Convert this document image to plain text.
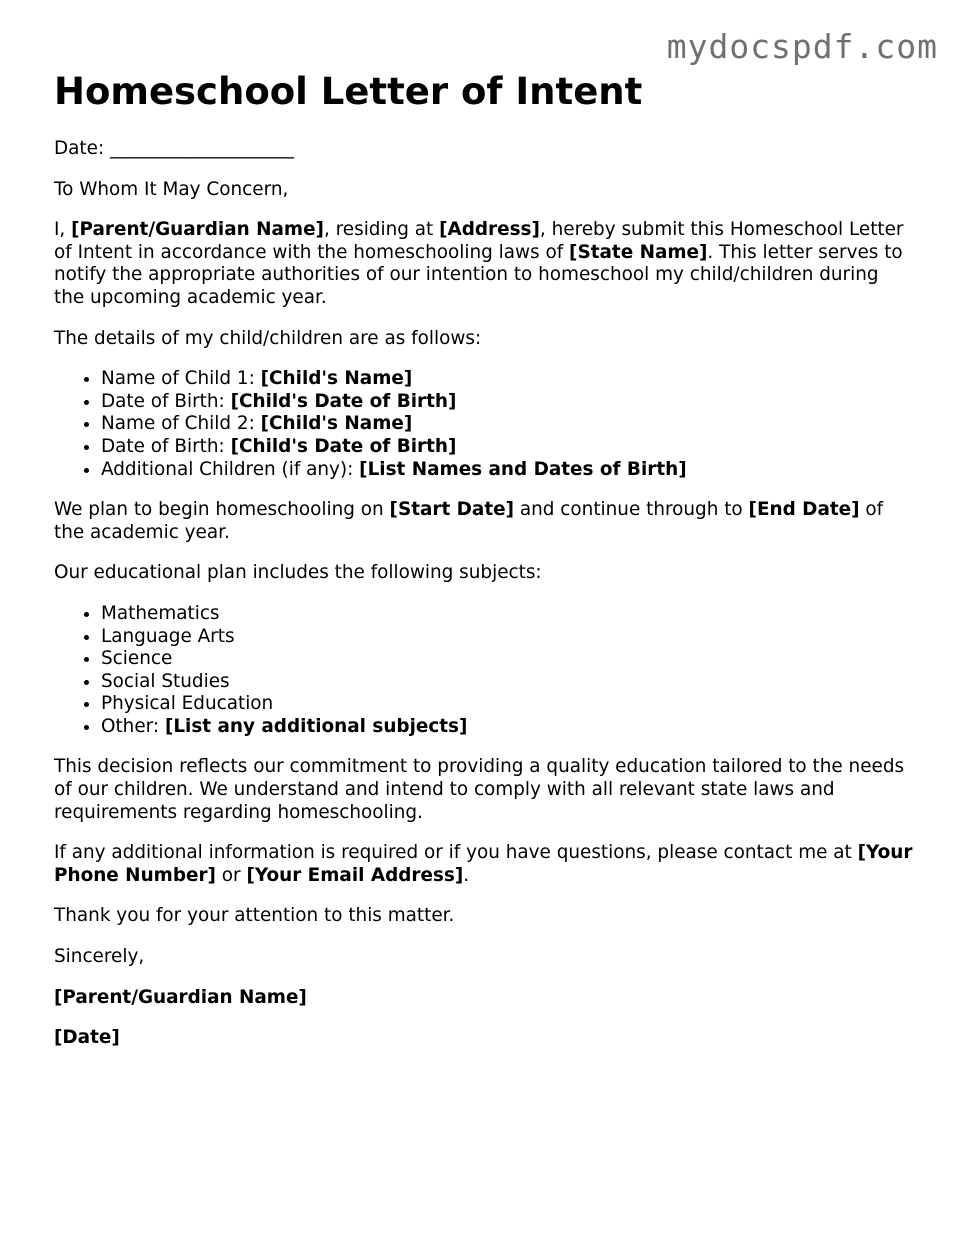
mydocspdf.com
Homeschool Letter of Intent

Date: ____________________

To Whom It May Concern,

I, [Parent/Guardian Name], residing at [Address], hereby submit this Homeschool Letter of Intent in accordance with the homeschooling laws of [State Name]. This letter serves to notify the appropriate authorities of our intention to homeschool my child/children during the upcoming academic year.

The details of my child/children are as follows:

• Name of Child 1: [Child's Name]
• Date of Birth: [Child's Date of Birth]
• Name of Child 2: [Child's Name]
• Date of Birth: [Child's Date of Birth]
• Additional Children (if any): [List Names and Dates of Birth]

We plan to begin homeschooling on [Start Date] and continue through to [End Date] of the academic year.

Our educational plan includes the following subjects:

• Mathematics
• Language Arts
• Science
• Social Studies
• Physical Education
• Other: [List any additional subjects]

This decision reflects our commitment to providing a quality education tailored to the needs of our children. We understand and intend to comply with all relevant state laws and requirements regarding homeschooling.

If any additional information is required or if you have questions, please contact me at [Your Phone Number] or [Your Email Address].

Thank you for your attention to this matter.

Sincerely,

[Parent/Guardian Name]

[Date]
